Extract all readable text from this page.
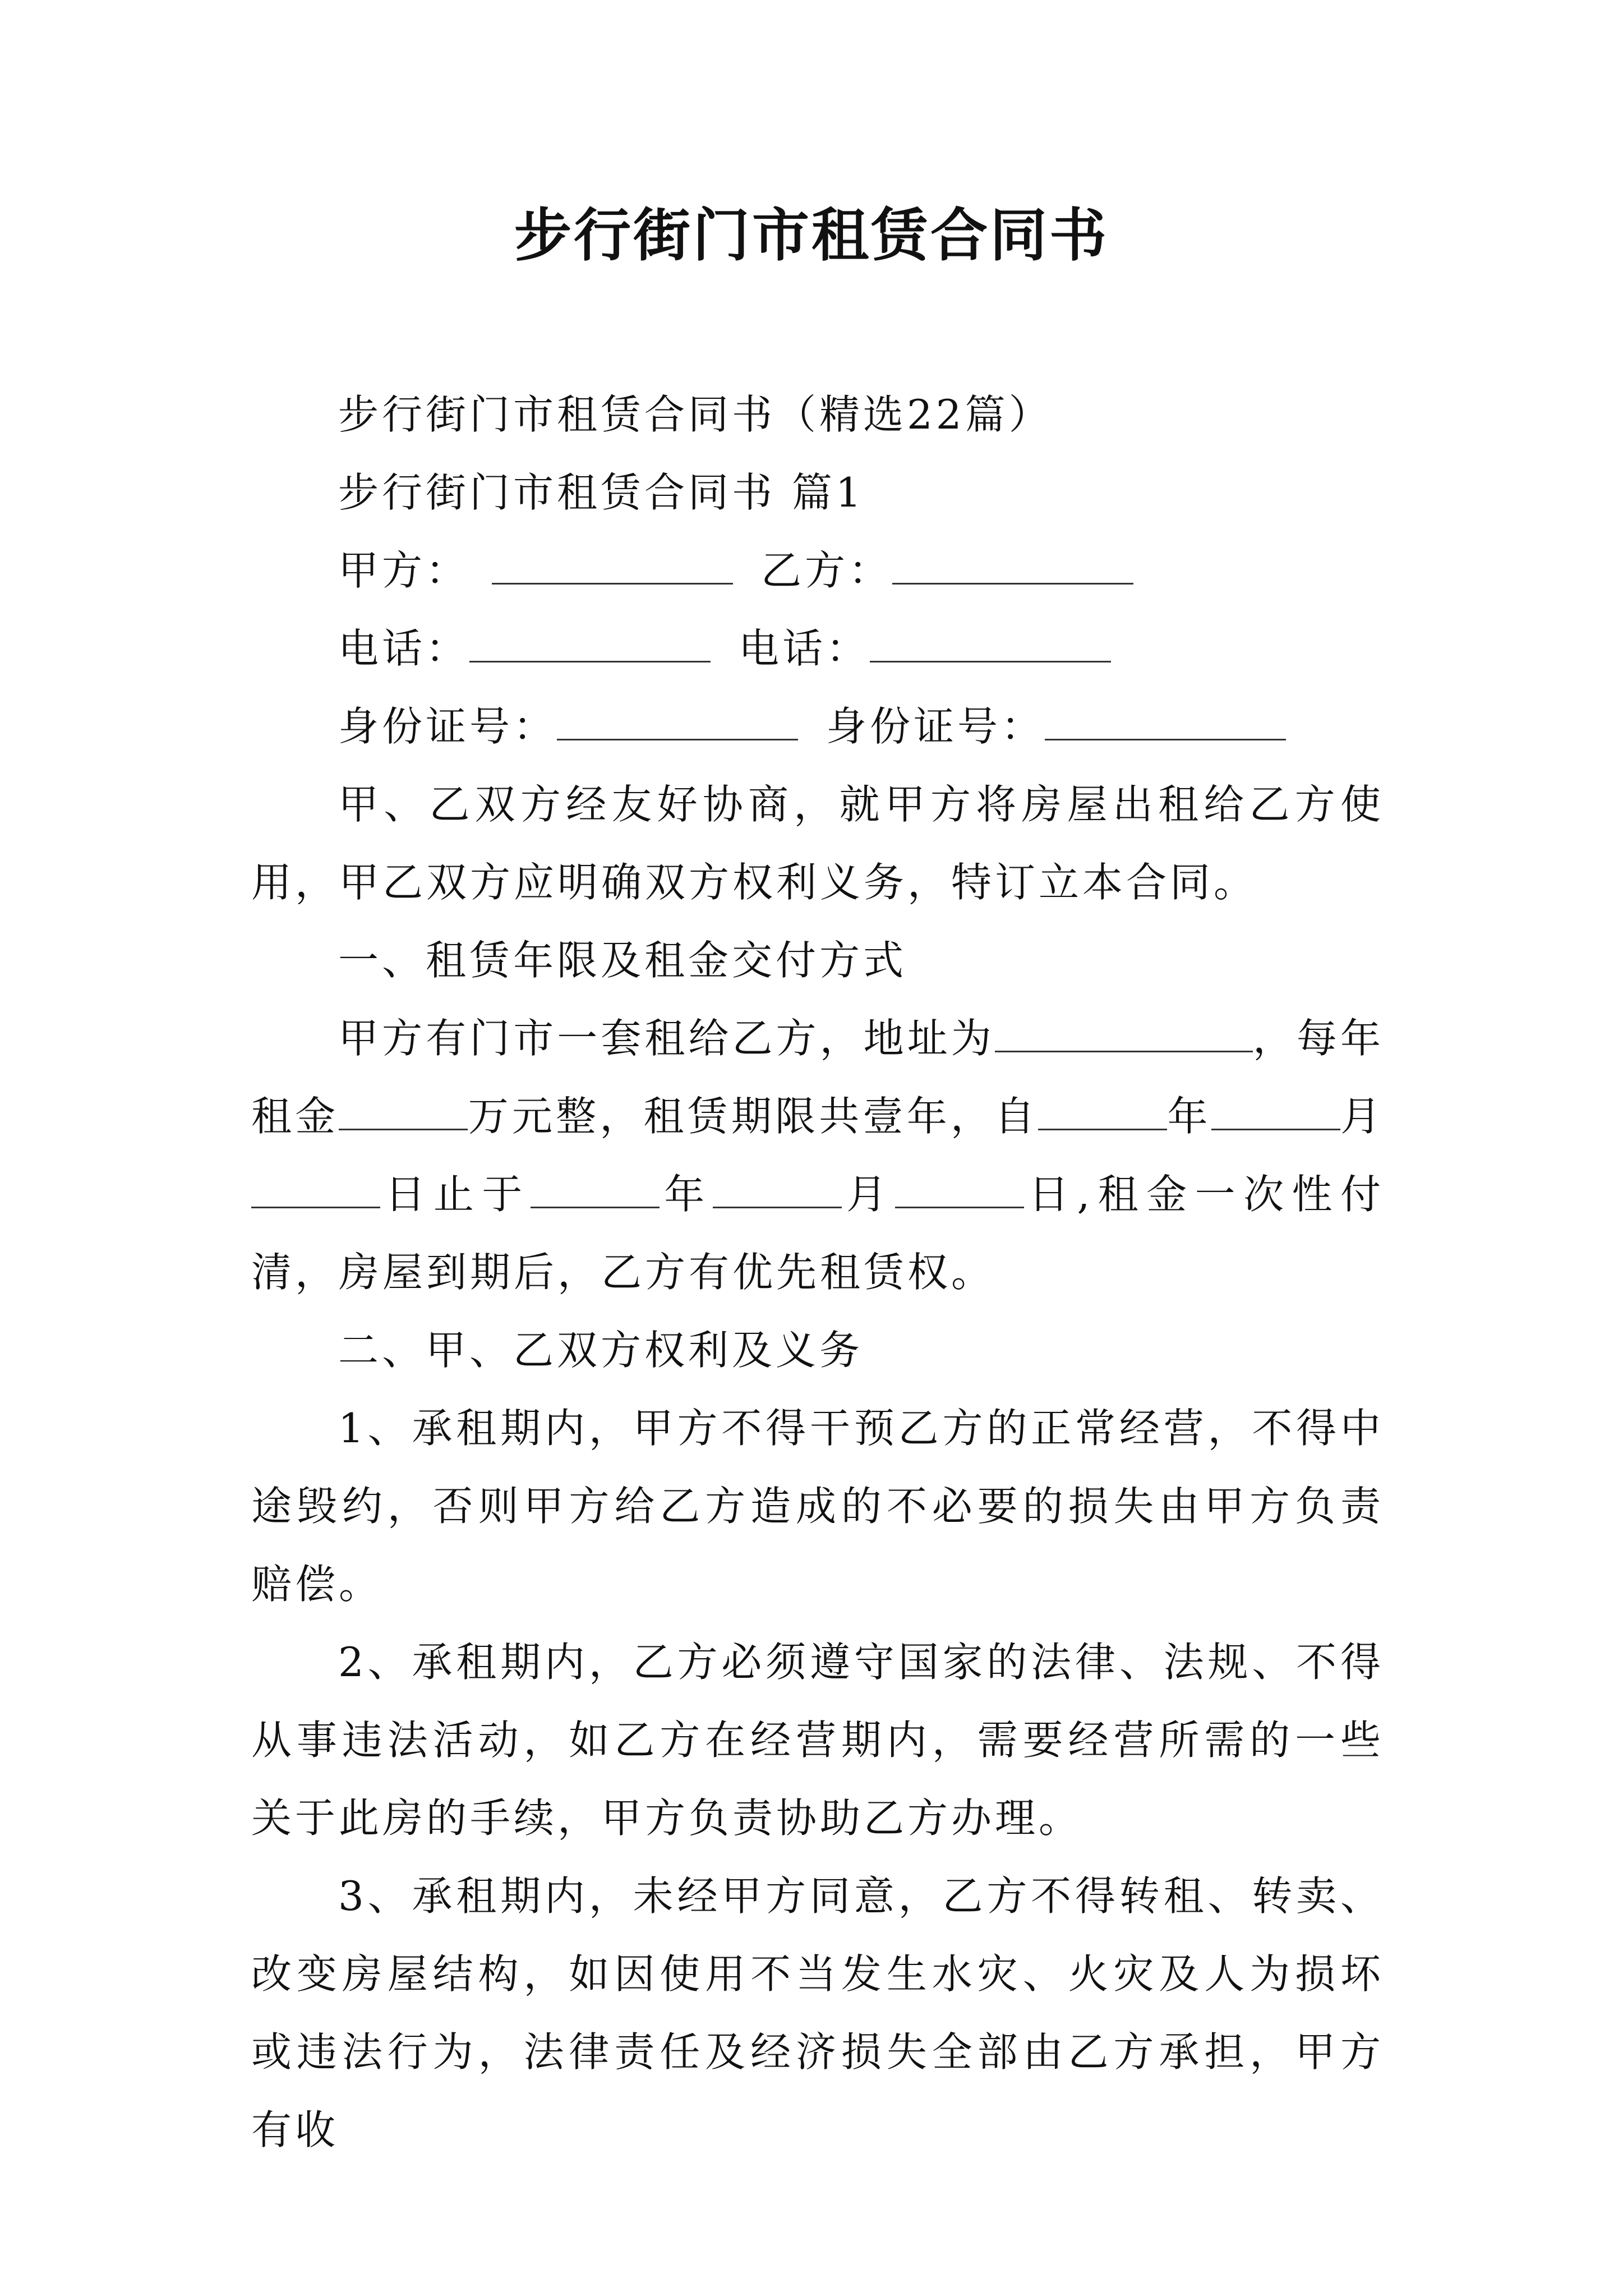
步行街门市租赁合同书
步行街门市租赁合同书（精选22篇）
步行街门市租赁合同书 篇1
甲方：	乙方：
电话：	电话：
身份证号：	身份证号：

甲、乙双方经友好协商，就甲方将房屋出租给乙方使用，甲乙双方应明确双方权利义务，特订立本合同。

一、租赁年限及租金交付方式

甲方有门市一套租给乙方，地址为	，每年租金	万元整，租赁期限共壹年，自	年	月日止于	年	月	日,租金一次性付清，房屋到期后，乙方有优先租赁权。

二、甲、乙双方权利及义务

1、承租期内，甲方不得干预乙方的正常经营，不得中途毁约，否则甲方给乙方造成的不必要的损失由甲方负责赔偿。

2、承租期内，乙方必须遵守国家的法律、法规、不得从事违法活动，如乙方在经营期内，需要经营所需的一些关于此房的手续，甲方负责协助乙方办理。

3、承租期内，未经甲方同意，乙方不得转租、转卖、改变房屋结构，如因使用不当发生水灾、火灾及人为损坏或违法行为，法律责任及经济损失全部由乙方承担，甲方有收
